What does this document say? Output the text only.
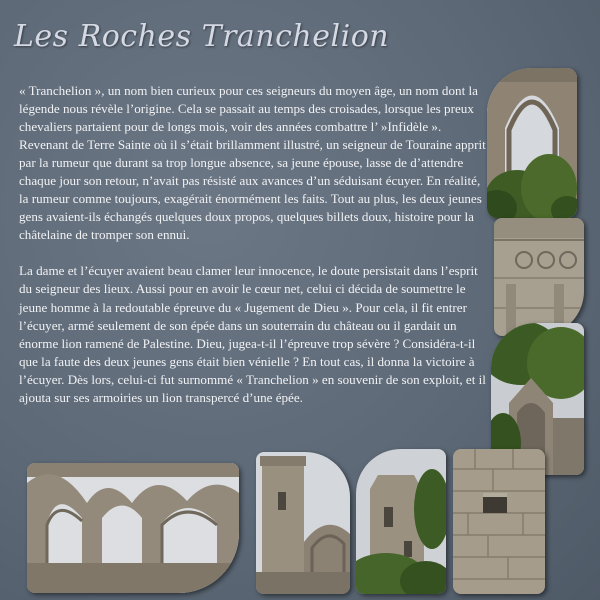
Les Roches Tranchelion

« Tranchelion », un nom bien curieux pour ces seigneurs du moyen âge, un nom dont la légende nous révèle l’origine. Cela se passait au temps des croisades, lorsque les preux chevaliers partaient pour de longs mois, voir des années combattre l’ »Infidèle ». Revenant de Terre Sainte où il s’était brillamment illustré, un seigneur de Touraine apprit par la rumeur que durant sa trop longue absence, sa jeune épouse, lasse de d’attendre chaque jour son retour, n’avait pas résisté aux avances d’un séduisant écuyer. En réalité, la rumeur comme toujours, exagérait énormément les faits. Tout au plus, les deux jeunes gens avaient-ils échangés quelques doux propos, quelques billets doux, histoire pour la châtelaine de tromper son ennui.

La dame et l’écuyer avaient beau clamer leur innocence, le doute persistait dans l’esprit du seigneur des lieux. Aussi pour en avoir le cœur net, celui ci décida de soumettre le jeune homme à la redoutable épreuve du « Jugement de Dieu ». Pour cela, il fit entrer l’écuyer, armé seulement de son épée dans un souterrain du château ou il gardait un énorme lion ramené de Palestine. Dieu, jugea-t-il l’épreuve trop sévère ? Considéra-t-il que la faute des deux jeunes gens était bien vénielle ? En tout cas, il donna la victoire à l’écuyer. Dès lors, celui-ci fut surnommé « Tranchelion » en souvenir de son exploit, et il ajouta sur ses armoiries un lion transpercé d’une épée.
